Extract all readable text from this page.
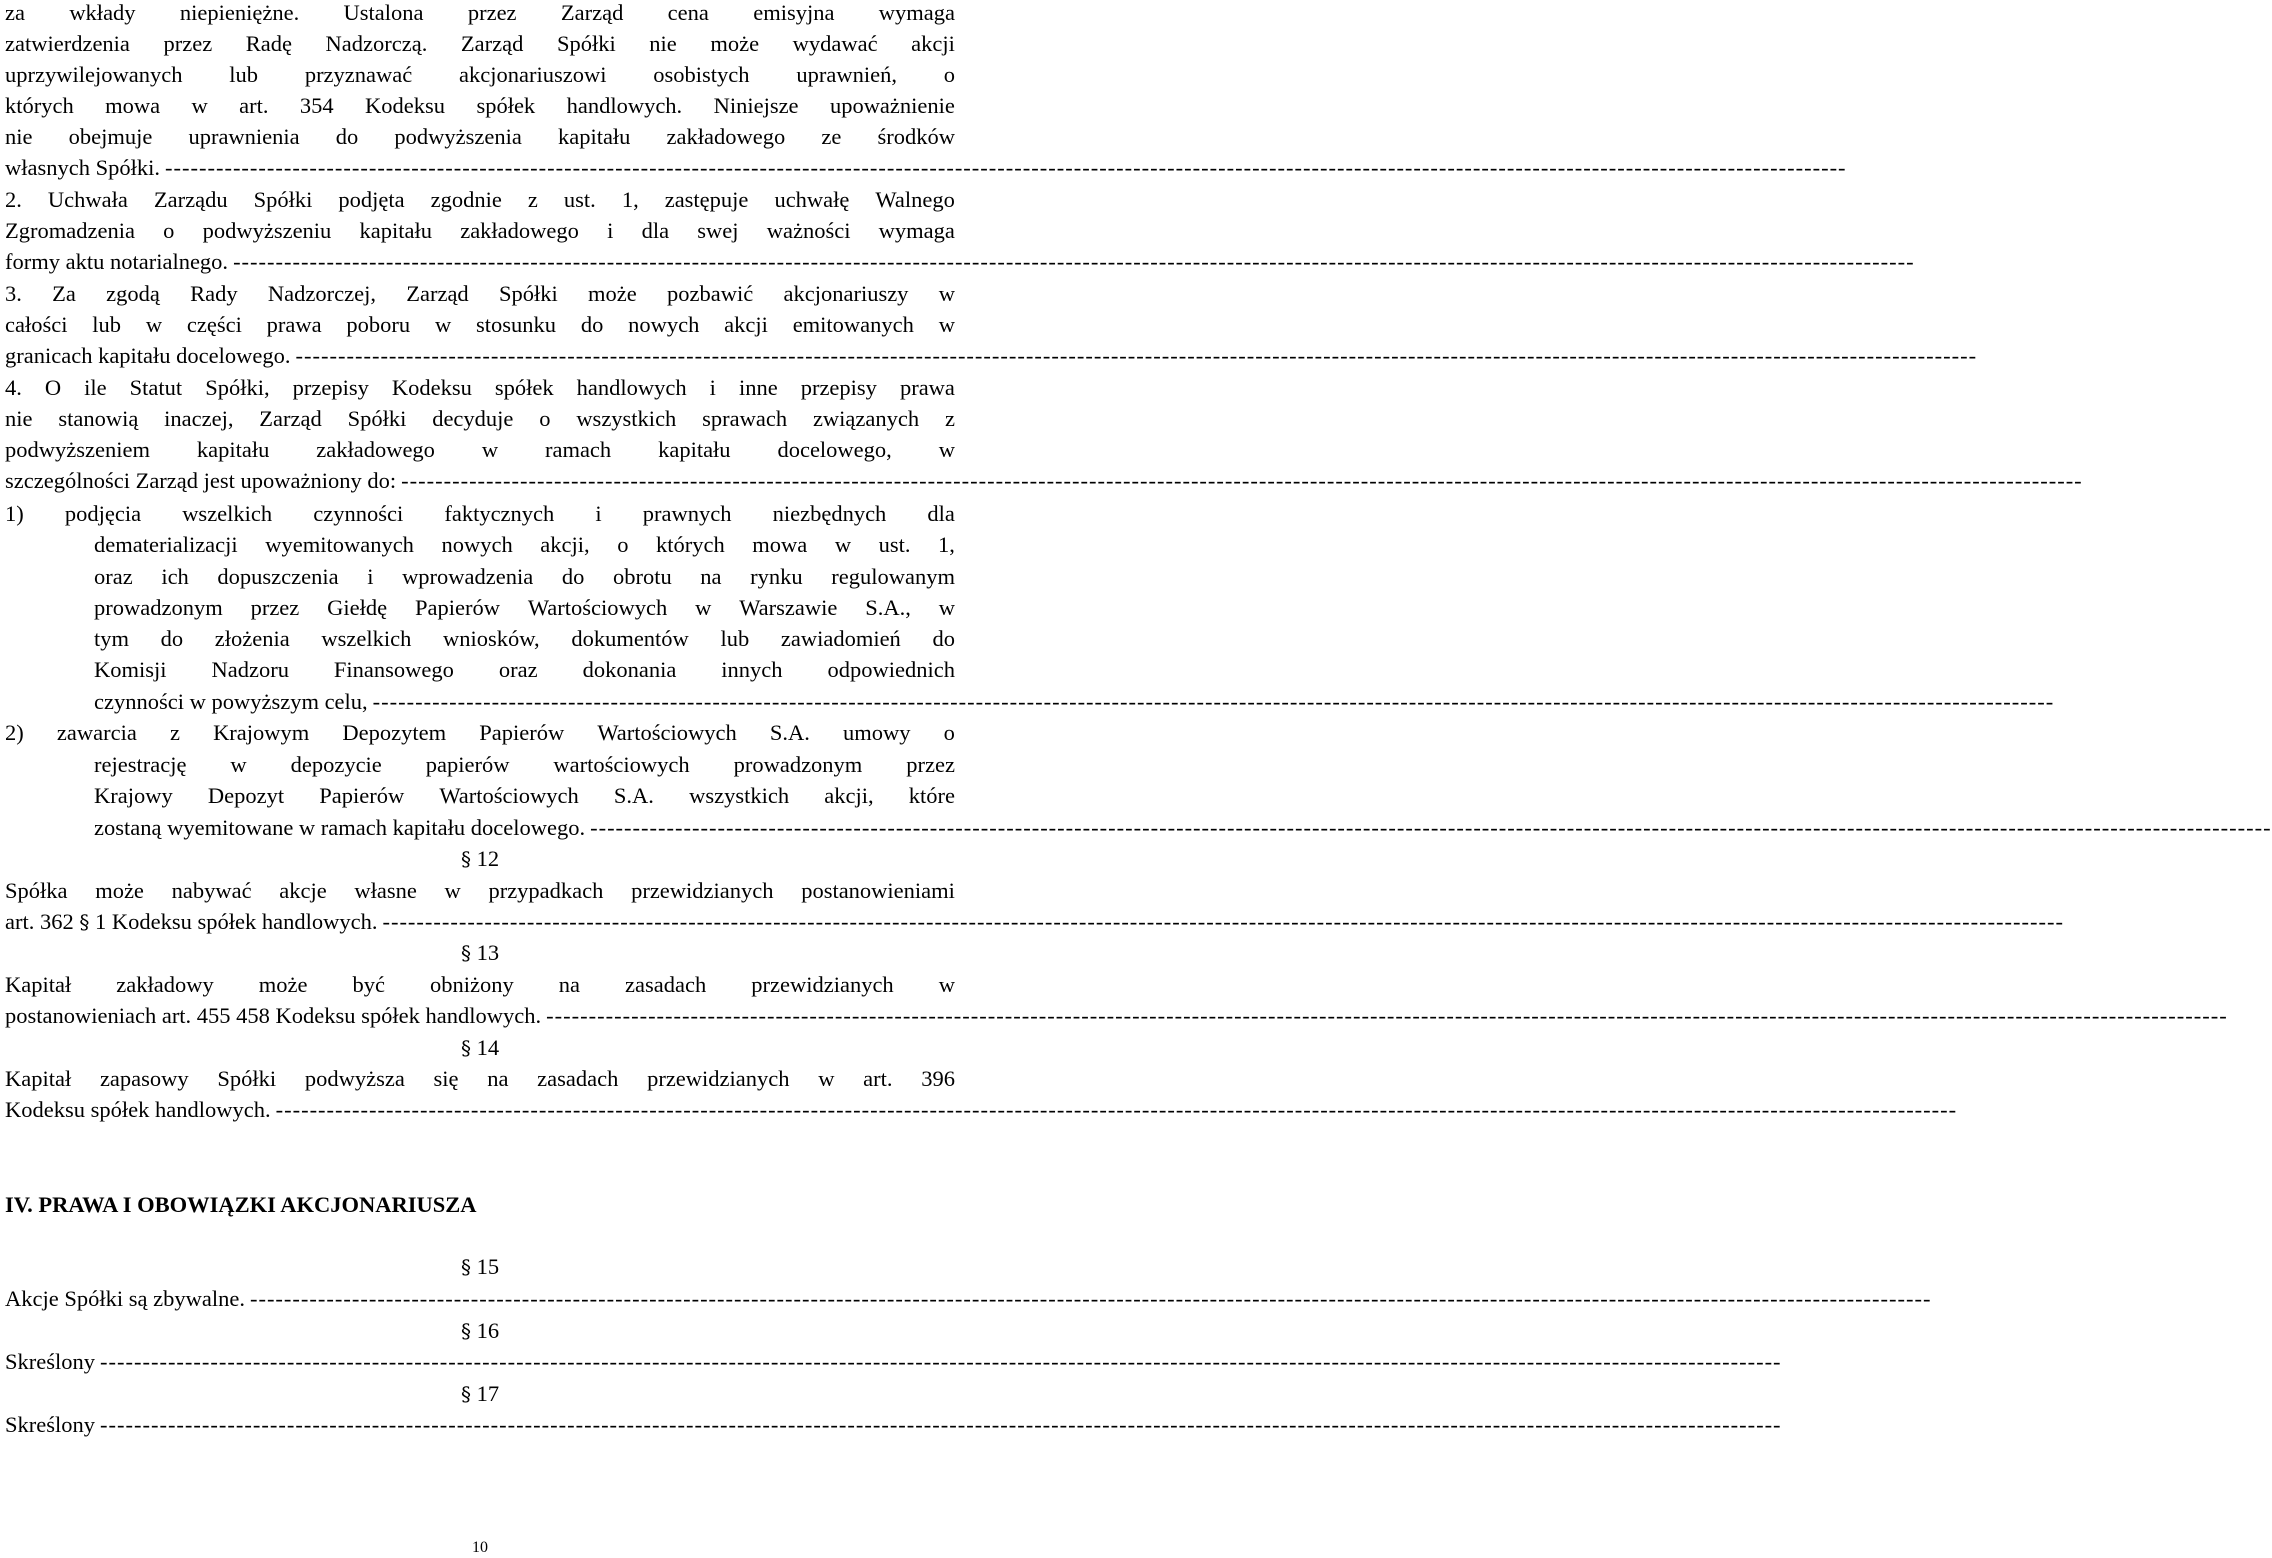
za wkłady niepieniężne. Ustalona przez Zarząd cena emisyjna wymaga
zatwierdzenia przez Radę Nadzorczą. Zarząd Spółki nie może wydawać akcji
uprzywilejowanych lub przyznawać akcjonariuszowi osobistych uprawnień, o
których mowa w art. 354 Kodeksu spółek handlowych. Niniejsze upoważnienie
nie obejmuje uprawnienia do podwyższenia kapitału zakładowego ze środków
własnych Spółki. ------------------------------------------------------------------------------------------------------------------------------------------------------------------------------------------------------
2. Uchwała Zarządu Spółki podjęta zgodnie z ust. 1, zastępuje uchwałę Walnego
Zgromadzenia o podwyższeniu kapitału zakładowego i dla swej ważności wymaga
formy aktu notarialnego. ------------------------------------------------------------------------------------------------------------------------------------------------------------------------------------------------------
3. Za zgodą Rady Nadzorczej, Zarząd Spółki może pozbawić akcjonariuszy w
całości lub w części prawa poboru w stosunku do nowych akcji emitowanych w
granicach kapitału docelowego. ------------------------------------------------------------------------------------------------------------------------------------------------------------------------------------------------------
4. O ile Statut Spółki, przepisy Kodeksu spółek handlowych i inne przepisy prawa
nie stanowią inaczej, Zarząd Spółki decyduje o wszystkich sprawach związanych z
podwyższeniem kapitału zakładowego w ramach kapitału docelowego, w
szczególności Zarząd jest upoważniony do: ------------------------------------------------------------------------------------------------------------------------------------------------------------------------------------------------------
1) podjęcia wszelkich czynności faktycznych i prawnych niezbędnych dla
dematerializacji wyemitowanych nowych akcji, o których mowa w ust. 1,
oraz ich dopuszczenia i wprowadzenia do obrotu na rynku regulowanym
prowadzonym przez Giełdę Papierów Wartościowych w Warszawie S.A., w
tym do złożenia wszelkich wniosków, dokumentów lub zawiadomień do
Komisji Nadzoru Finansowego oraz dokonania innych odpowiednich
czynności w powyższym celu, ------------------------------------------------------------------------------------------------------------------------------------------------------------------------------------------------------
2) zawarcia z Krajowym Depozytem Papierów Wartościowych S.A. umowy o
rejestrację w depozycie papierów wartościowych prowadzonym przez
Krajowy Depozyt Papierów Wartościowych S.A. wszystkich akcji, które
zostaną wyemitowane w ramach kapitału docelowego. ------------------------------------------------------------------------------------------------------------------------------------------------------------------------------------------------------
§ 12
Spółka może nabywać akcje własne w przypadkach przewidzianych postanowieniami
art. 362 § 1 Kodeksu spółek handlowych. ------------------------------------------------------------------------------------------------------------------------------------------------------------------------------------------------------
§ 13
Kapitał zakładowy może być obniżony na zasadach przewidzianych w
postanowieniach art. 455 458 Kodeksu spółek handlowych. ------------------------------------------------------------------------------------------------------------------------------------------------------------------------------------------------------
§ 14
Kapitał zapasowy Spółki podwyższa się na zasadach przewidzianych w art. 396
Kodeksu spółek handlowych. ------------------------------------------------------------------------------------------------------------------------------------------------------------------------------------------------------
IV. PRAWA I OBOWIĄZKI AKCJONARIUSZA
§ 15
Akcje Spółki są zbywalne. ------------------------------------------------------------------------------------------------------------------------------------------------------------------------------------------------------
§ 16
Skreślony ------------------------------------------------------------------------------------------------------------------------------------------------------------------------------------------------------
§ 17
Skreślony ------------------------------------------------------------------------------------------------------------------------------------------------------------------------------------------------------
10
